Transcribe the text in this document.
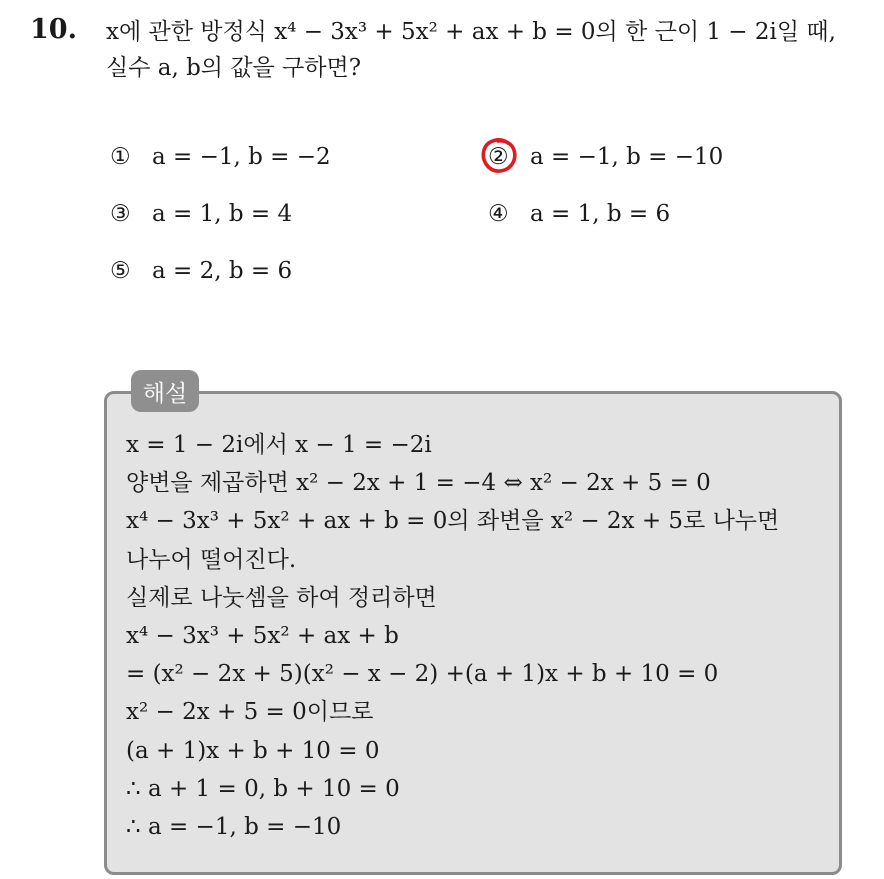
10. x에 관한 방정식 x⁴ − 3x³ + 5x² + ax + b = 0의 한 근이 1 − 2i일 때,
실수 a, b의 값을 구하면?
① a = −1, b = −2	② a = −1, b = −10
③ a = 1, b = 4	④ a = 1, b = 6
⑤ a = 2, b = 6
해설
x = 1 − 2i에서 x − 1 = −2i
양변을 제곱하면 x² − 2x + 1 = −4 ⇔ x² − 2x + 5 = 0
x⁴ − 3x³ + 5x² + ax + b = 0의 좌변을 x² − 2x + 5로 나누면
나누어 떨어진다.
실제로 나눗셈을 하여 정리하면
x⁴ − 3x³ + 5x² + ax + b
= (x² − 2x + 5)(x² − x − 2) +(a + 1)x + b + 10 = 0
x² − 2x + 5 = 0이므로
(a + 1)x + b + 10 = 0
∴ a + 1 = 0, b + 10 = 0
∴ a = −1, b = −10
